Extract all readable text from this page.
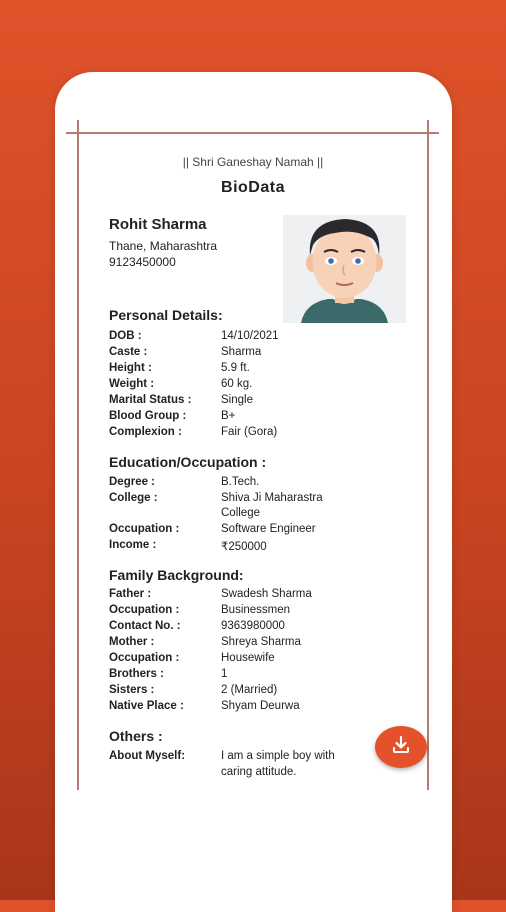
|| Shri Ganeshay Namah ||
BioData
Rohit Sharma
Thane, Maharashtra
9123450000
Personal Details:
DOB :	14/10/2021
Caste :	Sharma
Height :	5.9 ft.
Weight :	60 kg.
Marital Status :	Single
Blood Group :	B+
Complexion :	Fair (Gora)
Education/Occupation :
Degree :	B.Tech.
College :	Shiva Ji Maharastra
College
Occupation :	Software Engineer
Income :	₹250000
Family Background:
Father :	Swadesh Sharma
Occupation :	Businessmen
Contact No. :	9363980000
Mother :	Shreya Sharma
Occupation :	Housewife
Brothers :	1
Sisters :	2 (Married)
Native Place :	Shyam Deurwa
Others :
About Myself:	I am a simple boy with
caring attitude.
